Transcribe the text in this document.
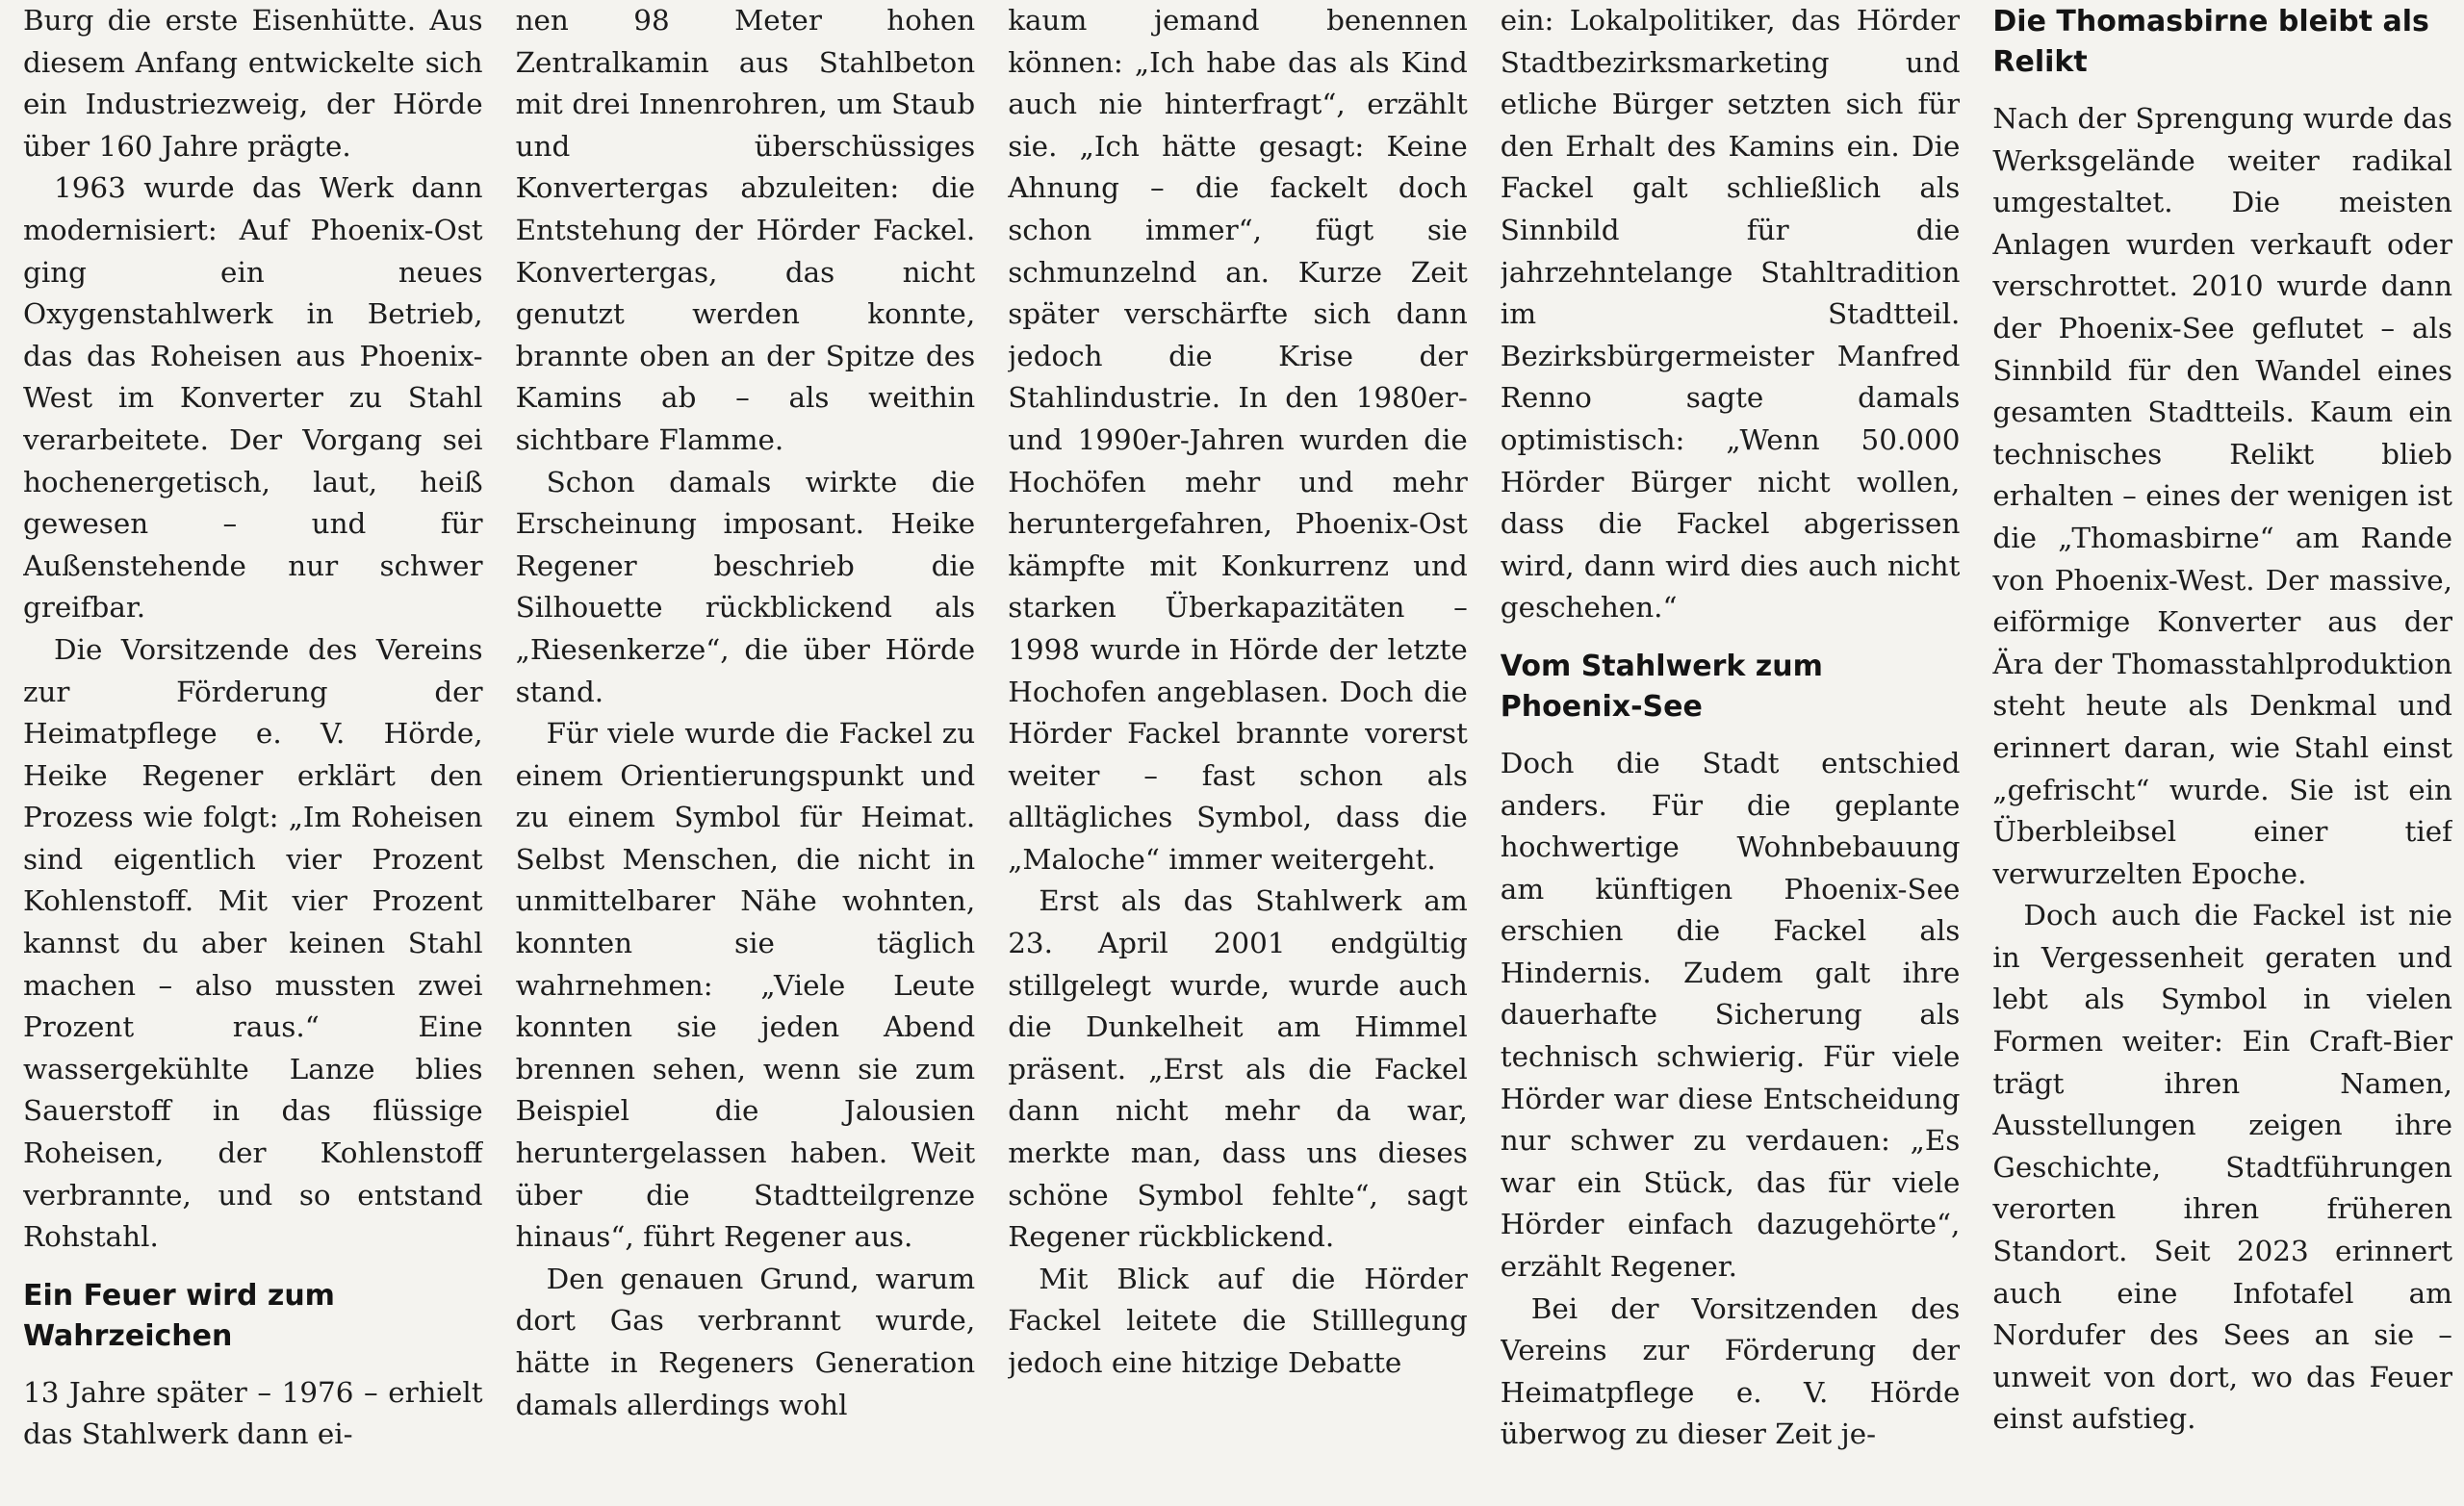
Burg die erste Eisenhütte. Aus diesem Anfang entwickelte sich ein Industriezweig, der Hörde über 160 Jahre prägte.

1963 wurde das Werk dann modernisiert: Auf Phoenix-Ost ging ein neues Oxygenstahlwerk in Betrieb, das das Roheisen aus Phoenix-West im Konverter zu Stahl verarbeitete. Der Vorgang sei hochenergetisch, laut, heiß gewesen – und für Außenstehende nur schwer greifbar.

Die Vorsitzende des Vereins zur Förderung der Heimatpflege e. V. Hörde, Heike Regener erklärt den Prozess wie folgt: „Im Roheisen sind eigentlich vier Prozent Kohlenstoff. Mit vier Prozent kannst du aber keinen Stahl machen – also mussten zwei Prozent raus.“ Eine wassergekühlte Lanze blies Sauerstoff in das flüssige Roheisen, der Kohlenstoff verbrannte, und so entstand Rohstahl.

Ein Feuer wird zum Wahrzeichen

13 Jahre später – 1976 – erhielt das Stahlwerk dann ei-

nen 98 Meter hohen Zentralkamin aus Stahlbeton mit drei Innenrohren, um Staub und überschüssiges Konvertergas abzuleiten: die Entstehung der Hörder Fackel. Konvertergas, das nicht genutzt werden konnte, brannte oben an der Spitze des Kamins ab – als weithin sichtbare Flamme.

Schon damals wirkte die Erscheinung imposant. Heike Regener beschrieb die Silhouette rückblickend als „Riesenkerze“, die über Hörde stand.

Für viele wurde die Fackel zu einem Orientierungspunkt und zu einem Symbol für Heimat. Selbst Menschen, die nicht in unmittelbarer Nähe wohnten, konnten sie täglich wahrnehmen: „Viele Leute konnten sie jeden Abend brennen sehen, wenn sie zum Beispiel die Jalousien heruntergelassen haben. Weit über die Stadtteilgrenze hinaus“, führt Regener aus.

Den genauen Grund, warum dort Gas verbrannt wurde, hätte in Regeners Generation damals allerdings wohl

kaum jemand benennen können: „Ich habe das als Kind auch nie hinterfragt“, erzählt sie. „Ich hätte gesagt: Keine Ahnung – die fackelt doch schon immer“, fügt sie schmunzelnd an. Kurze Zeit später verschärfte sich dann jedoch die Krise der Stahlindustrie. In den 1980er- und 1990er-Jahren wurden die Hochöfen mehr und mehr heruntergefahren, Phoenix-Ost kämpfte mit Konkurrenz und starken Überkapazitäten – 1998 wurde in Hörde der letzte Hochofen angeblasen. Doch die Hörder Fackel brannte vorerst weiter – fast schon als alltägliches Symbol, dass die „Maloche“ immer weitergeht.

Erst als das Stahlwerk am 23. April 2001 endgültig stillgelegt wurde, wurde auch die Dunkelheit am Himmel präsent. „Erst als die Fackel dann nicht mehr da war, merkte man, dass uns dieses schöne Symbol fehlte“, sagt Regener rückblickend.

Mit Blick auf die Hörder Fackel leitete die Stilllegung jedoch eine hitzige Debatte

ein: Lokalpolitiker, das Hörder Stadtbezirksmarketing und etliche Bürger setzten sich für den Erhalt des Kamins ein. Die Fackel galt schließlich als Sinnbild für die jahrzehntelange Stahltradition im Stadtteil. Bezirksbürgermeister Manfred Renno sagte damals optimistisch: „Wenn 50.000 Hörder Bürger nicht wollen, dass die Fackel abgerissen wird, dann wird dies auch nicht geschehen.“

Vom Stahlwerk zum Phoenix-See

Doch die Stadt entschied anders. Für die geplante hochwertige Wohnbebauung am künftigen Phoenix-See erschien die Fackel als Hindernis. Zudem galt ihre dauerhafte Sicherung als technisch schwierig. Für viele Hörder war diese Entscheidung nur schwer zu verdauen: „Es war ein Stück, das für viele Hörder einfach dazugehörte“, erzählt Regener.

Bei der Vorsitzenden des Vereins zur Förderung der Heimatpflege e. V. Hörde überwog zu dieser Zeit je-

Die Thomasbirne bleibt als Relikt

Nach der Sprengung wurde das Werksgelände weiter radikal umgestaltet. Die meisten Anlagen wurden verkauft oder verschrottet. 2010 wurde dann der Phoenix-See geflutet – als Sinnbild für den Wandel eines gesamten Stadtteils. Kaum ein technisches Relikt blieb erhalten – eines der wenigen ist die „Thomasbirne“ am Rande von Phoenix-West. Der massive, eiförmige Konverter aus der Ära der Thomasstahlproduktion steht heute als Denkmal und erinnert daran, wie Stahl einst „gefrischt“ wurde. Sie ist ein Überbleibsel einer tief verwurzelten Epoche.

Doch auch die Fackel ist nie in Vergessenheit geraten und lebt als Symbol in vielen Formen weiter: Ein Craft-Bier trägt ihren Namen, Ausstellungen zeigen ihre Geschichte, Stadtführungen verorten ihren früheren Standort. Seit 2023 erinnert auch eine Infotafel am Nordufer des Sees an sie – unweit von dort, wo das Feuer einst aufstieg.
